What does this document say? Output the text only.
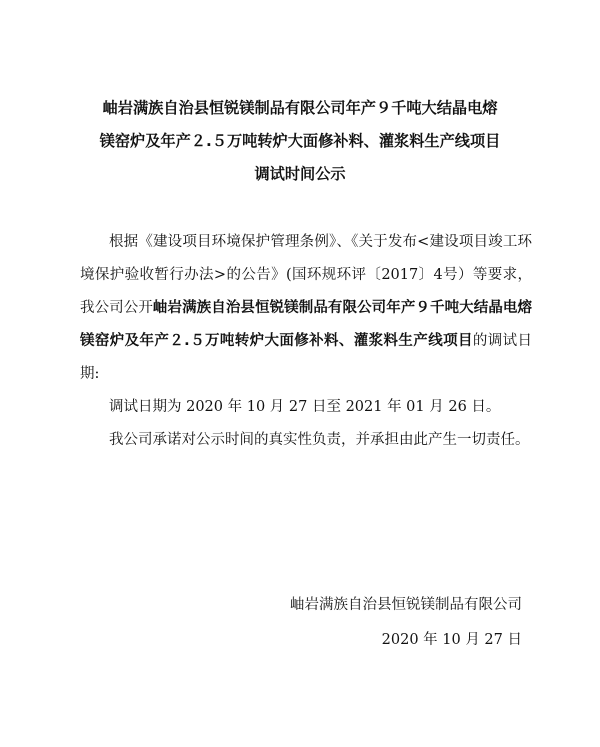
岫岩满族自治县恒锐镁制品有限公司年产９千吨大结晶电熔
镁窑炉及年产２.５万吨转炉大面修补料、灌浆料生产线项目
调试时间公示

根据《建设项目环境保护管理条例》、《关于发布<建设项目竣工环境保护验收暂行办法>的公告》(国环规环评〔2017〕4号）等要求，我公司公开岫岩满族自治县恒锐镁制品有限公司年产９千吨大结晶电熔镁窑炉及年产２.５万吨转炉大面修补料、灌浆料生产线项目的调试日期:

调试日期为 2020 年 10 月 27 日至 2021 年 01 月 26 日。

我公司承诺对公示时间的真实性负责，并承担由此产生一切责任。

岫岩满族自治县恒锐镁制品有限公司
2020 年 10 月 27 日
